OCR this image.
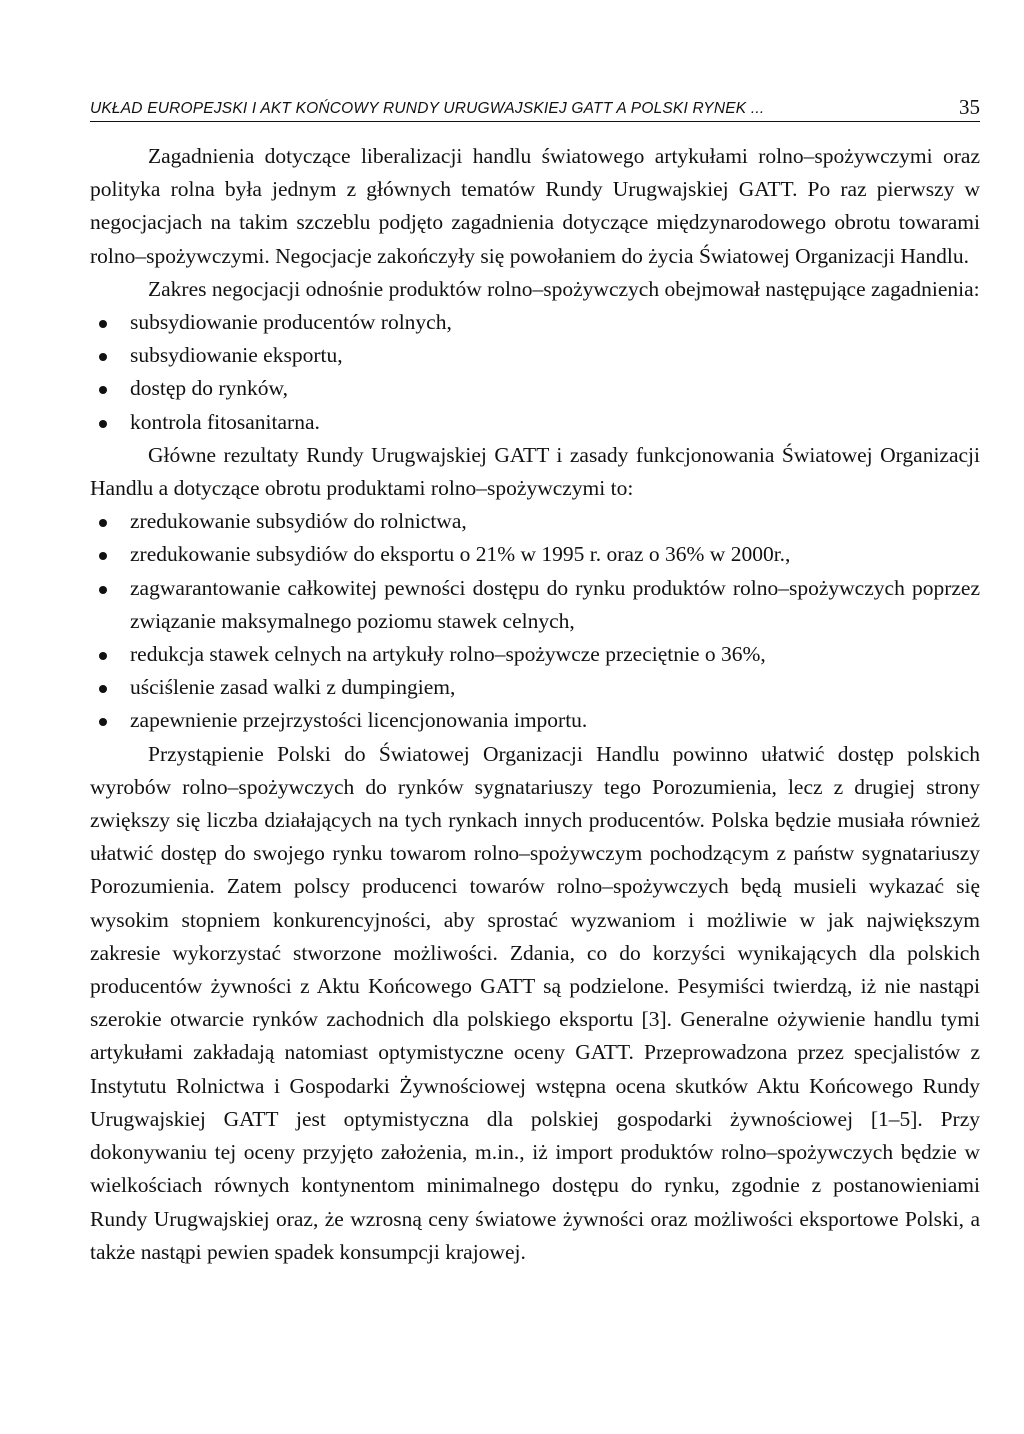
UKŁAD EUROPEJSKI I AKT KOŃCOWY RUNDY URUGWAJSKIEJ GATT A POLSKI RYNEK ...	35

Zagadnienia dotyczące liberalizacji handlu światowego artykułami rolno–spożywczymi oraz polityka rolna była jednym z głównych tematów Rundy Urugwajskiej GATT. Po raz pierwszy w negocjacjach na takim szczeblu podjęto zagadnienia dotyczące międzynarodowego obrotu towarami rolno–spożywczymi. Negocjacje zakończyły się powołaniem do życia Światowej Organizacji Handlu.

Zakres negocjacji odnośnie produktów rolno–spożywczych obejmował następujące zagadnienia:

subsydiowanie producentów rolnych,
subsydiowanie eksportu,
dostęp do rynków,
kontrola fitosanitarna.

Główne rezultaty Rundy Urugwajskiej GATT i zasady funkcjonowania Światowej Organizacji Handlu a dotyczące obrotu produktami rolno–spożywczymi to:

zredukowanie subsydiów do rolnictwa,
zredukowanie subsydiów do eksportu o 21% w 1995 r. oraz o 36% w 2000r.,
zagwarantowanie całkowitej pewności dostępu do rynku produktów rolno–spożywczych poprzez związanie maksymalnego poziomu stawek celnych,
redukcja stawek celnych na artykuły rolno–spożywcze przeciętnie o 36%,
uściślenie zasad walki z dumpingiem,
zapewnienie przejrzystości licencjonowania importu.

Przystąpienie Polski do Światowej Organizacji Handlu powinno ułatwić dostęp polskich wyrobów rolno–spożywczych do rynków sygnatariuszy tego Porozumienia, lecz z drugiej strony zwiększy się liczba działających na tych rynkach innych producentów. Polska będzie musiała również ułatwić dostęp do swojego rynku towarom rolno–spożywczym pochodzącym z państw sygnatariuszy Porozumienia. Zatem polscy producenci towarów rolno–spożywczych będą musieli wykazać się wysokim stopniem konkurencyjności, aby sprostać wyzwaniom i możliwie w jak największym zakresie wykorzystać stworzone możliwości. Zdania, co do korzyści wynikających dla polskich producentów żywności z Aktu Końcowego GATT są podzielone. Pesymiści twierdzą, iż nie nastąpi szerokie otwarcie rynków zachodnich dla polskiego eksportu [3]. Generalne ożywienie handlu tymi artykułami zakładają natomiast optymistyczne oceny GATT. Przeprowadzona przez specjalistów z Instytutu Rolnictwa i Gospodarki Żywnościowej wstępna ocena skutków Aktu Końcowego Rundy Urugwajskiej GATT jest optymistyczna dla polskiej gospodarki żywnościowej [1–5]. Przy dokonywaniu tej oceny przyjęto założenia, m.in., iż import produktów rolno–spożywczych będzie w wielkościach równych kontynentom minimalnego dostępu do rynku, zgodnie z postanowieniami Rundy Urugwajskiej oraz, że wzrosną ceny światowe żywności oraz możliwości eksportowe Polski, a także nastąpi pewien spadek konsumpcji krajowej.
